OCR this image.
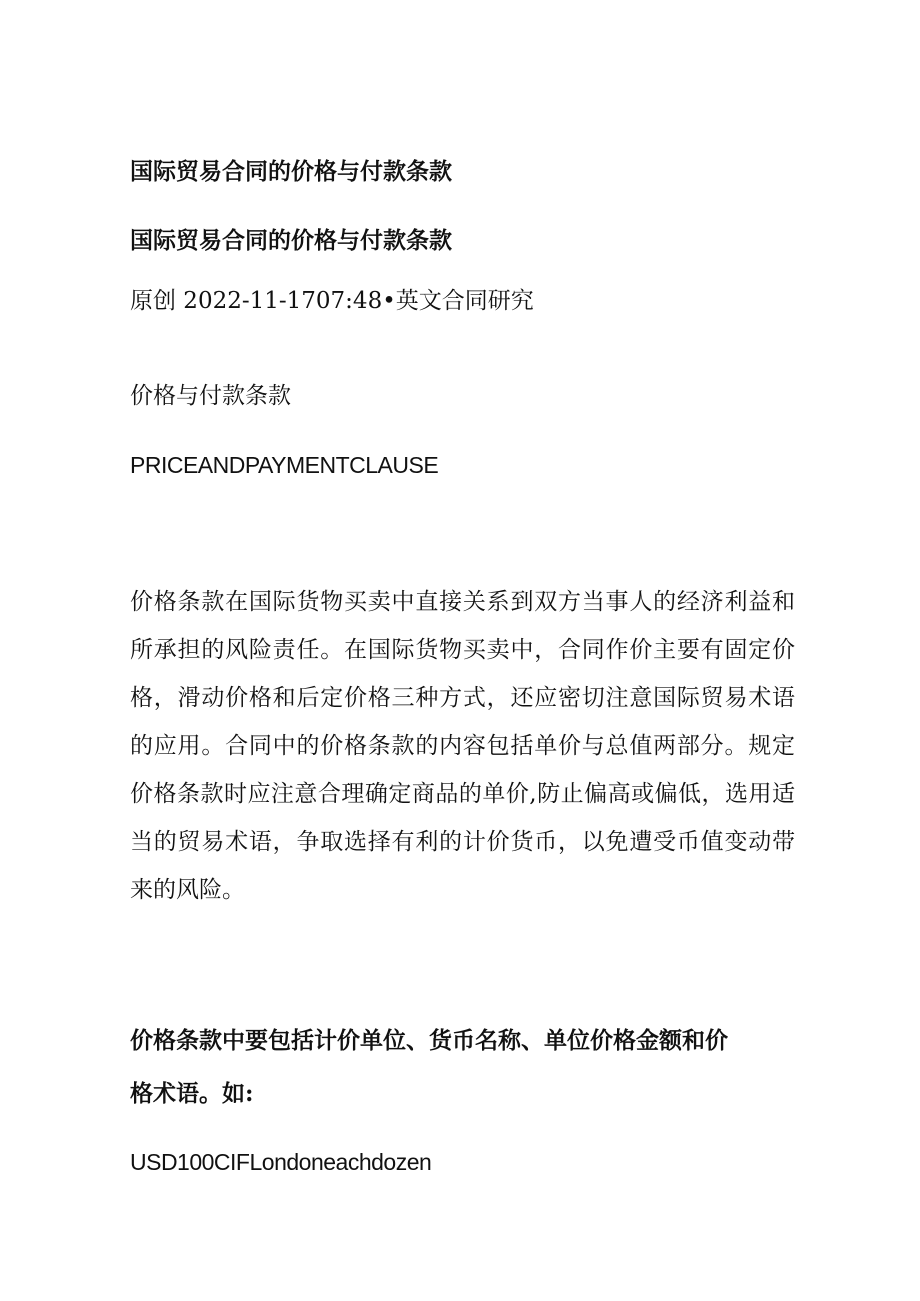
国际贸易合同的价格与付款条款
国际贸易合同的价格与付款条款
原创 2022-11-1707:48•英文合同研究
价格与付款条款
PRICEANDPAYMENTCLAUSE
价格条款在国际货物买卖中直接关系到双方当事人的经济利益和所承担的风险责任。在国际货物买卖中，合同作价主要有固定价格，滑动价格和后定价格三种方式，还应密切注意国际贸易术语的应用。合同中的价格条款的内容包括单价与总值两部分。规定价格条款时应注意合理确定商品的单价,防止偏高或偏低，选用适当的贸易术语，争取选择有利的计价货币，以免遭受币值变动带来的风险。
价格条款中要包括计价单位、货币名称、单位价格金额和价格术语。如:
USD100CIFLondoneachdozen
